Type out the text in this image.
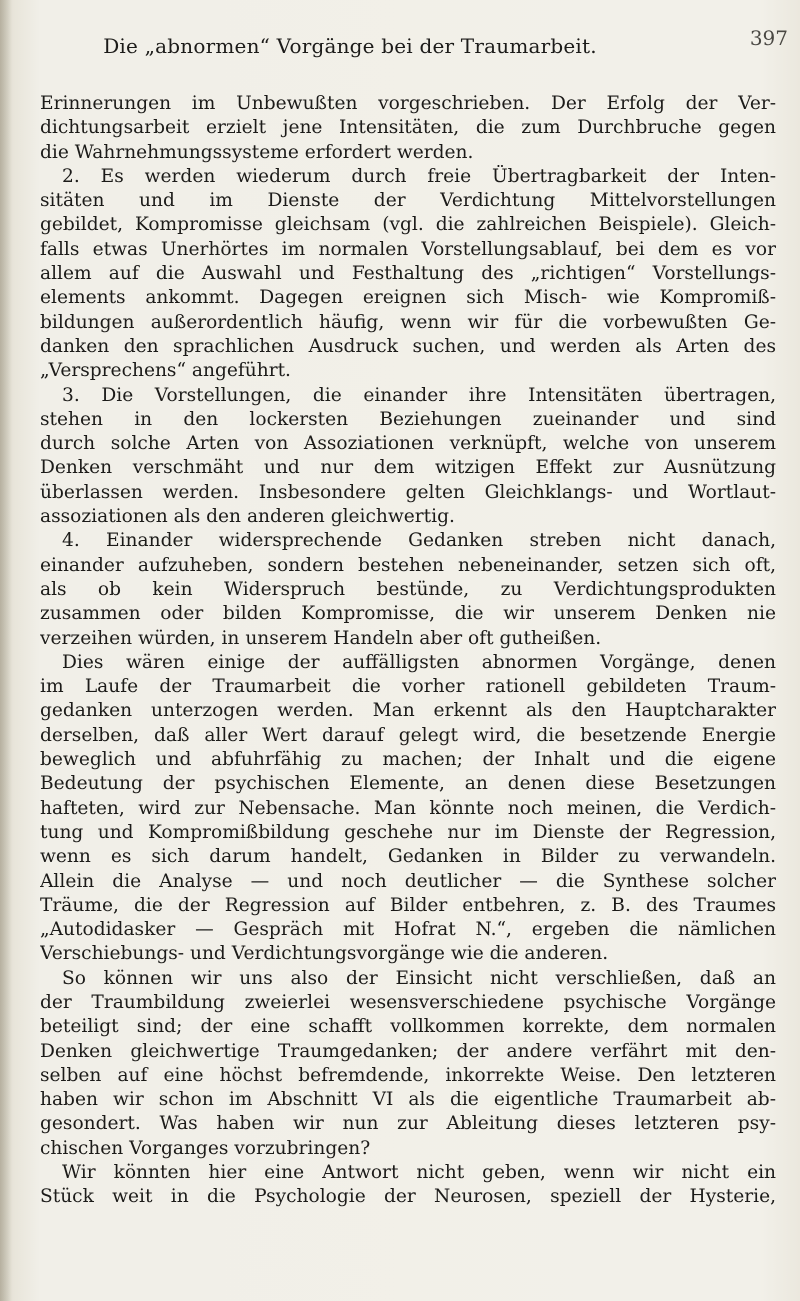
Die „abnormen“ Vorgänge bei der Traumarbeit.	397
Erinnerungen im Unbewußten vorgeschrieben. Der Erfolg der Ver-
dichtungsarbeit erzielt jene Intensitäten, die zum Durchbruche gegen
die Wahrnehmungssysteme erfordert werden.
2. Es werden wiederum durch freie Übertragbarkeit der Inten-
sitäten und im Dienste der Verdichtung Mittelvorstellungen
gebildet, Kompromisse gleichsam (vgl. die zahlreichen Beispiele). Gleich-
falls etwas Unerhörtes im normalen Vorstellungsablauf, bei dem es vor
allem auf die Auswahl und Festhaltung des „richtigen“ Vorstellungs-
elements ankommt. Dagegen ereignen sich Misch- wie Kompromiß-
bildungen außerordentlich häufig, wenn wir für die vorbewußten Ge-
danken den sprachlichen Ausdruck suchen, und werden als Arten des
„Versprechens“ angeführt.
3. Die Vorstellungen, die einander ihre Intensitäten übertragen,
stehen in den lockersten Beziehungen zueinander und sind
durch solche Arten von Assoziationen verknüpft, welche von unserem
Denken verschmäht und nur dem witzigen Effekt zur Ausnützung
überlassen werden. Insbesondere gelten Gleichklangs- und Wortlaut-
assoziationen als den anderen gleichwertig.
4. Einander widersprechende Gedanken streben nicht danach,
einander aufzuheben, sondern bestehen nebeneinander, setzen sich oft,
als ob kein Widerspruch bestünde, zu Verdichtungsprodukten
zusammen oder bilden Kompromisse, die wir unserem Denken nie
verzeihen würden, in unserem Handeln aber oft gutheißen.
Dies wären einige der auffälligsten abnormen Vorgänge, denen
im Laufe der Traumarbeit die vorher rationell gebildeten Traum-
gedanken unterzogen werden. Man erkennt als den Hauptcharakter
derselben, daß aller Wert darauf gelegt wird, die besetzende Energie
beweglich und abfuhrfähig zu machen; der Inhalt und die eigene
Bedeutung der psychischen Elemente, an denen diese Besetzungen
hafteten, wird zur Nebensache. Man könnte noch meinen, die Verdich-
tung und Kompromißbildung geschehe nur im Dienste der Regression,
wenn es sich darum handelt, Gedanken in Bilder zu verwandeln.
Allein die Analyse — und noch deutlicher — die Synthese solcher
Träume, die der Regression auf Bilder entbehren, z. B. des Traumes
„Autodidasker — Gespräch mit Hofrat N.“, ergeben die nämlichen
Verschiebungs- und Verdichtungsvorgänge wie die anderen.
So können wir uns also der Einsicht nicht verschließen, daß an
der Traumbildung zweierlei wesensverschiedene psychische Vorgänge
beteiligt sind; der eine schafft vollkommen korrekte, dem normalen
Denken gleichwertige Traumgedanken; der andere verfährt mit den-
selben auf eine höchst befremdende, inkorrekte Weise. Den letzteren
haben wir schon im Abschnitt VI als die eigentliche Traumarbeit ab-
gesondert. Was haben wir nun zur Ableitung dieses letzteren psy-
chischen Vorganges vorzubringen?
Wir könnten hier eine Antwort nicht geben, wenn wir nicht ein
Stück weit in die Psychologie der Neurosen, speziell der Hysterie,
